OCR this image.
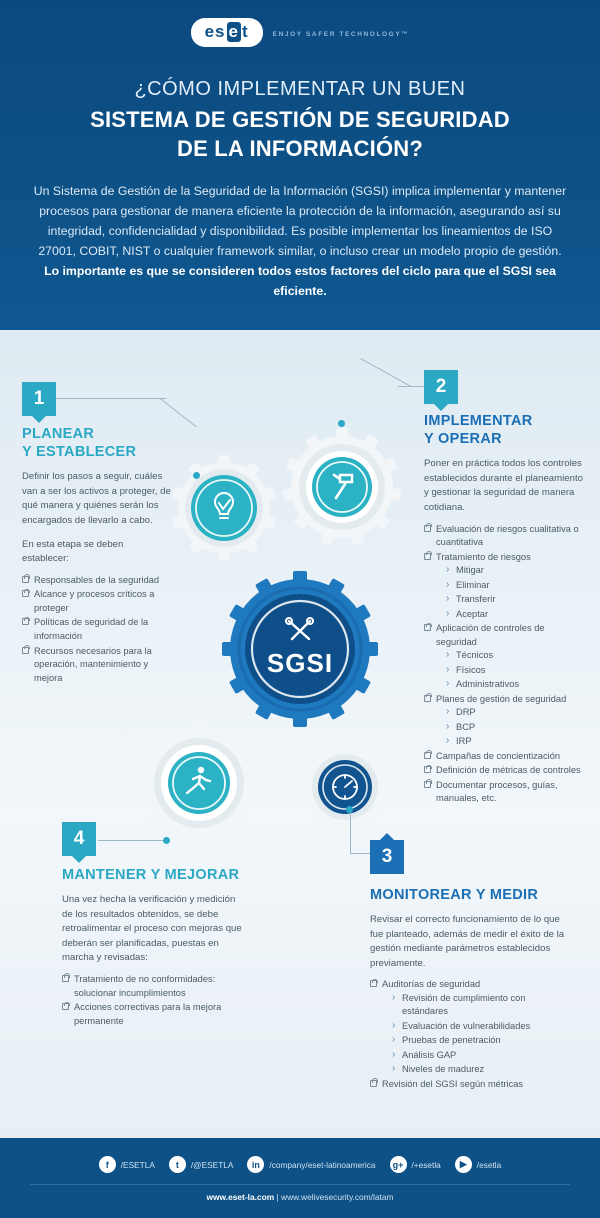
es e t	ENJOY SAFER TECHNOLOGY™
¿CÓMO IMPLEMENTAR UN BUEN
SISTEMA DE GESTIÓN DE SEGURIDAD
DE LA INFORMACIÓN?
Un Sistema de Gestión de la Seguridad de la Información (SGSI) implica implementar y mantener procesos para gestionar de manera eficiente la protección de la información, asegurando así su integridad, confidencialidad y disponibilidad. Es posible implementar los lineamientos de ISO 27001, COBIT, NIST o cualquier framework similar, o incluso crear un modelo propio de gestión. Lo importante es que se consideren todos estos factores del ciclo para que el SGSI sea eficiente.
SGSI
1
PLANEAR
Y ESTABLECER
Definir los pasos a seguir, cuáles van a ser los activos a proteger, de qué manera y quiénes serán los encargados de llevarlo a cabo.
En esta etapa se deben establecer:
Responsables de la seguridad
Alcance y procesos críticos a proteger
Políticas de seguridad de la información
Recursos necesarios para la operación, mantenimiento y mejora
2
IMPLEMENTAR
Y OPERAR
Poner en práctica todos los controles establecidos durante el planeamiento y gestionar la seguridad de manera cotidiana.
Evaluación de riesgos cualitativa o cuantitativa
Tratamiento de riesgos
› Mitigar
› Eliminar
› Transferir
› Aceptar
Aplicación de controles de seguridad
› Técnicos
› Físicos
› Administrativos
Planes de gestión de seguridad
› DRP
› BCP
› IRP
Campañas de concientización
Definición de métricas de controles
Documentar procesos, guías, manuales, etc.
4
MANTENER Y MEJORAR
Una vez hecha la verificación y medición de los resultados obtenidos, se debe retroalimentar el proceso con mejoras que deberán ser planificadas, puestas en marcha y revisadas:
Tratamiento de no conformidades: solucionar incumplimientos
Acciones correctivas para la mejora permanente
3
MONITOREAR Y MEDIR
Revisar el correcto funcionamiento de lo que fue planteado, además de medir el éxito de la gestión mediante parámetros establecidos previamente.
Auditorías de seguridad
› Revisión de cumplimiento con estándares
› Evaluación de vulnerabilidades
› Pruebas de penetración
› Análisis GAP
› Niveles de madurez
Revisión del SGSI según métricas
f	/ESETLA	t	/@ESETLA	in	/company/eset-latinoamerica	g+ /+esetla	▶	/esetla
www.eset-la.com | www.welivesecurity.com/latam
